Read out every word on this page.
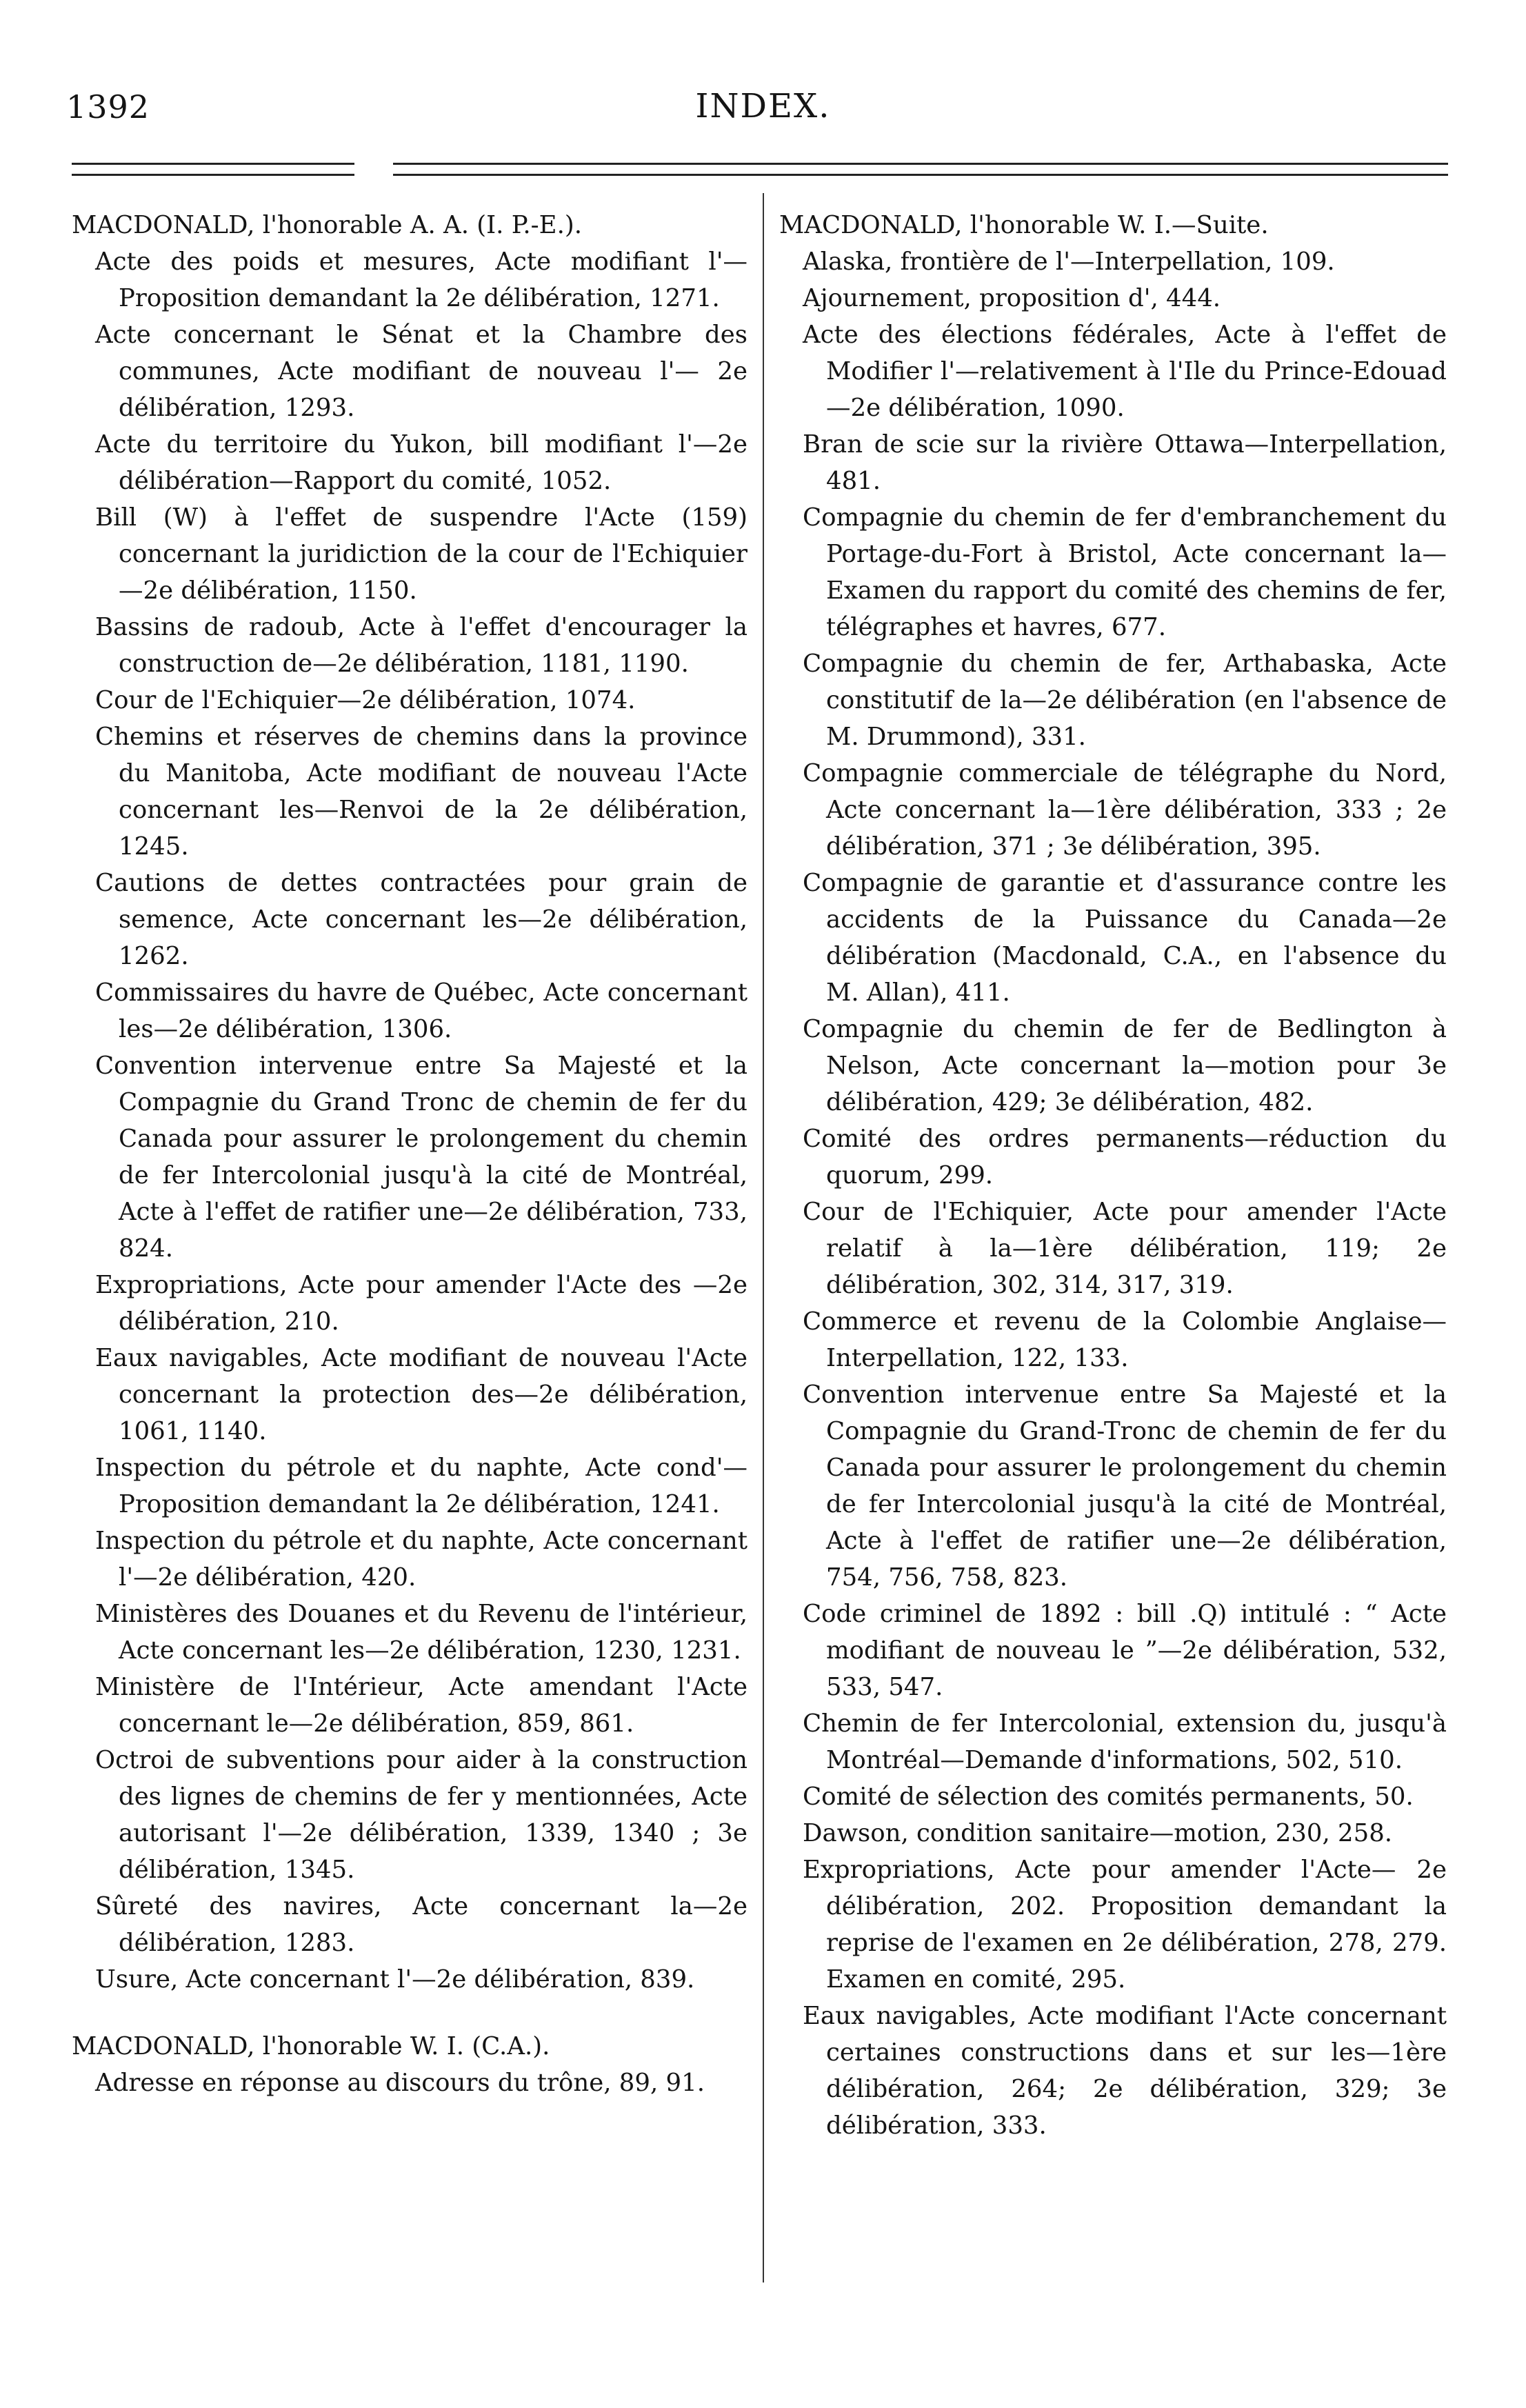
1392	INDEX.

MACDONALD, l'honorable A. A. (I. P.-E.).

Acte des poids et mesures, Acte modifiant l'— Proposition demandant la 2e délibération, 1271.

Acte concernant le Sénat et la Chambre des communes, Acte modifiant de nouveau l'— 2e délibération, 1293.

Acte du territoire du Yukon, bill modifiant l'—2e délibération—Rapport du comité, 1052.

Bill (W) à l'effet de suspendre l'Acte (159) concernant la juridiction de la cour de l'Echiquier—2e délibération, 1150.

Bassins de radoub, Acte à l'effet d'encourager la construction de—2e délibération, 1181, 1190.

Cour de l'Echiquier—2e délibération, 1074.

Chemins et réserves de chemins dans la province du Manitoba, Acte modifiant de nouveau l'Acte concernant les—Renvoi de la 2e délibération, 1245.

Cautions de dettes contractées pour grain de semence, Acte concernant les—2e délibération, 1262.

Commissaires du havre de Québec, Acte concernant les—2e délibération, 1306.

Convention intervenue entre Sa Majesté et la Compagnie du Grand Tronc de chemin de fer du Canada pour assurer le prolongement du chemin de fer Intercolonial jusqu'à la cité de Montréal, Acte à l'effet de ratifier une—2e délibération, 733, 824.

Expropriations, Acte pour amender l'Acte des —2e délibération, 210.

Eaux navigables, Acte modifiant de nouveau l'Acte concernant la protection des—2e délibération, 1061, 1140.

Inspection du pétrole et du naphte, Acte cond'—Proposition demandant la 2e délibération, 1241.

Inspection du pétrole et du naphte, Acte concernant l'—2e délibération, 420.

Ministères des Douanes et du Revenu de l'intérieur, Acte concernant les—2e délibération, 1230, 1231.

Ministère de l'Intérieur, Acte amendant l'Acte concernant le—2e délibération, 859, 861.

Octroi de subventions pour aider à la construction des lignes de chemins de fer y mentionnées, Acte autorisant l'—2e délibération, 1339, 1340 ; 3e délibération, 1345.

Sûreté des navires, Acte concernant la—2e délibération, 1283.

Usure, Acte concernant l'—2e délibération, 839.

MACDONALD, l'honorable W. I. (C.A.).

Adresse en réponse au discours du trône, 89, 91.

MACDONALD, l'honorable W. I.—Suite.

Alaska, frontière de l'—Interpellation, 109.

Ajournement, proposition d', 444.

Acte des élections fédérales, Acte à l'effet de Modifier l'—relativement à l'Ile du Prince-Edouad—2e délibération, 1090.

Bran de scie sur la rivière Ottawa—Interpellation, 481.

Compagnie du chemin de fer d'embranchement du Portage-du-Fort à Bristol, Acte concernant la—Examen du rapport du comité des chemins de fer, télégraphes et havres, 677.

Compagnie du chemin de fer, Arthabaska, Acte constitutif de la—2e délibération (en l'absence de M. Drummond), 331.

Compagnie commerciale de télégraphe du Nord, Acte concernant la—1ère délibération, 333 ; 2e délibération, 371 ; 3e délibération, 395.

Compagnie de garantie et d'assurance contre les accidents de la Puissance du Canada—2e délibération (Macdonald, C.A., en l'absence du M. Allan), 411.

Compagnie du chemin de fer de Bedlington à Nelson, Acte concernant la—motion pour 3e délibération, 429; 3e délibération, 482.

Comité des ordres permanents—réduction du quorum, 299.

Cour de l'Echiquier, Acte pour amender l'Acte relatif à la—1ère délibération, 119; 2e délibération, 302, 314, 317, 319.

Commerce et revenu de la Colombie Anglaise—Interpellation, 122, 133.

Convention intervenue entre Sa Majesté et la Compagnie du Grand-Tronc de chemin de fer du Canada pour assurer le prolongement du chemin de fer Intercolonial jusqu'à la cité de Montréal, Acte à l'effet de ratifier une—2e délibération, 754, 756, 758, 823.

Code criminel de 1892 : bill .Q) intitulé : “ Acte modifiant de nouveau le ”—2e délibération, 532, 533, 547.

Chemin de fer Intercolonial, extension du, jusqu'à Montréal—Demande d'informations, 502, 510.

Comité de sélection des comités permanents, 50.

Dawson, condition sanitaire—motion, 230, 258.

Expropriations, Acte pour amender l'Acte— 2e délibération, 202. Proposition demandant la reprise de l'examen en 2e délibération, 278, 279. Examen en comité, 295.

Eaux navigables, Acte modifiant l'Acte concernant certaines constructions dans et sur les—1ère délibération, 264; 2e délibération, 329; 3e délibération, 333.
